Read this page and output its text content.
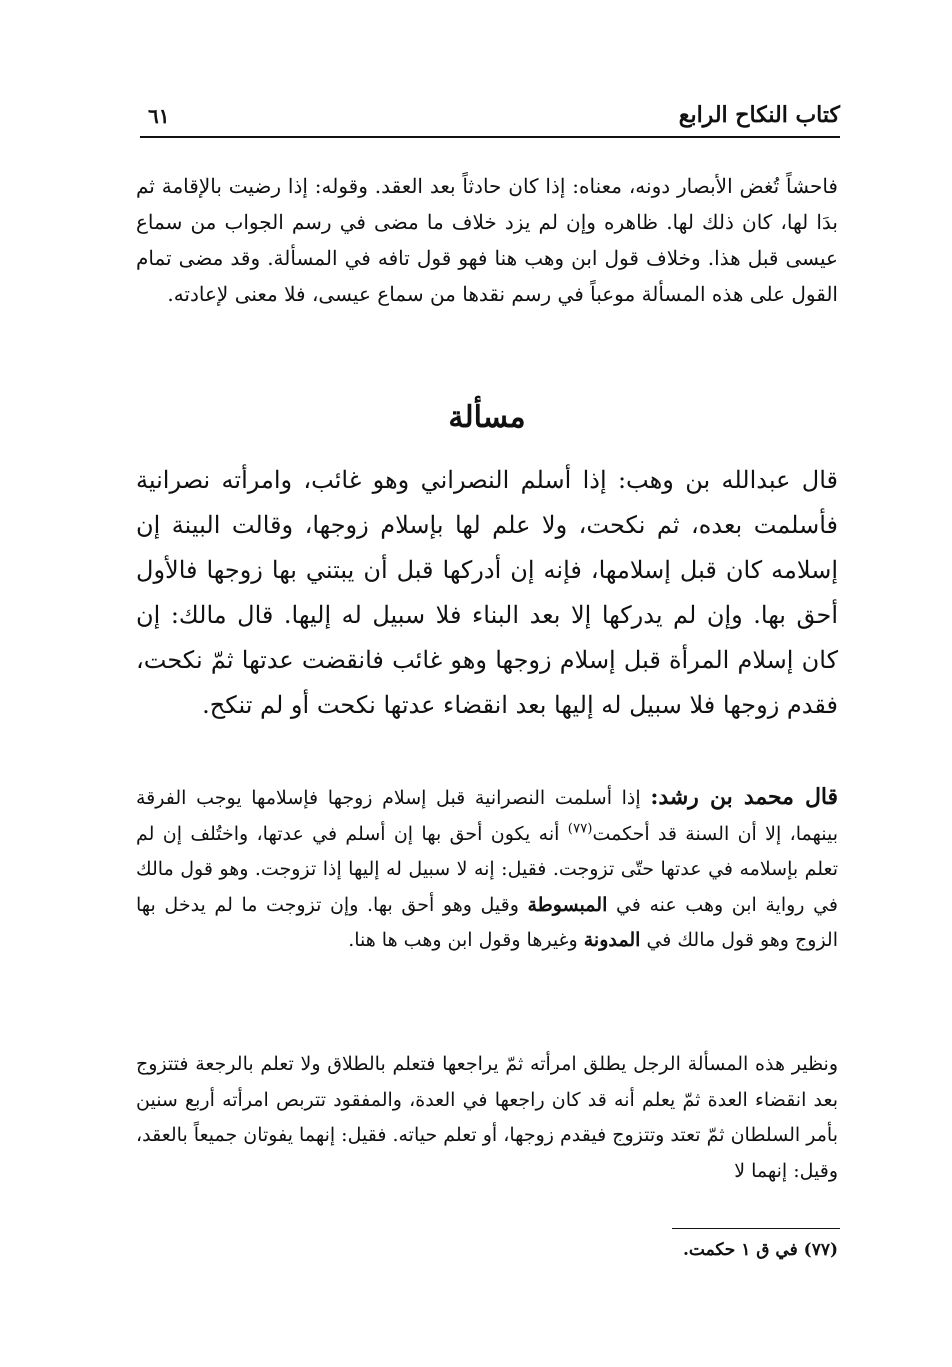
كتاب النكاح الرابع
٦١

فاحشاً تُغض الأبصار دونه، معناه: إذا كان حادثاً بعد العقد. وقوله: إذا رضيت بالإقامة ثم بدَا لها، كان ذلك لها. ظاهره وإن لم يزد خلاف ما مضى في رسم الجواب من سماع عيسى قبل هذا. وخلاف قول ابن وهب هنا فهو قول تافه في المسألة. وقد مضى تمام القول على هذه المسألة موعباً في رسم نقدها من سماع عيسى، فلا معنى لإعادته.

مسألة

قال عبدالله بن وهب: إذا أسلم النصراني وهو غائب، وامرأته نصرانية فأسلمت بعده، ثم نكحت، ولا علم لها بإسلام زوجها، وقالت البينة إن إسلامه كان قبل إسلامها، فإنه إن أدركها قبل أن يبتني بها زوجها فالأول أحق بها. وإن لم يدركها إلا بعد البناء فلا سبيل له إليها. قال مالك: إن كان إسلام المرأة قبل إسلام زوجها وهو غائب فانقضت عدتها ثمّ نكحت، فقدم زوجها فلا سبيل له إليها بعد انقضاء عدتها نكحت أو لم تنكح.

قال محمد بن رشد: إذا أسلمت النصرانية قبل إسلام زوجها فإسلامها يوجب الفرقة بينهما، إلا أن السنة قد أحكمت$^{(٧٧)}$ أنه يكون أحق بها إن أسلم في عدتها، واختُلف إن لم تعلم بإسلامه في عدتها حتّى تزوجت. فقيل: إنه لا سبيل له إليها إذا تزوجت. وهو قول مالك في رواية ابن وهب عنه في المبسوطة وقيل وهو أحق بها. وإن تزوجت ما لم يدخل بها الزوج وهو قول مالك في المدونة وغيرها وقول ابن وهب ها هنا.

ونظير هذه المسألة الرجل يطلق امرأته ثمّ يراجعها فتعلم بالطلاق ولا تعلم بالرجعة فتتزوج بعد انقضاء العدة ثمّ يعلم أنه قد كان راجعها في العدة، والمفقود تتربص امرأته أربع سنين بأمر السلطان ثمّ تعتد وتتزوج فيقدم زوجها، أو تعلم حياته. فقيل: إنهما يفوتان جميعاً بالعقد، وقيل: إنهما لا

(٧٧) في ق ١ حكمت.
